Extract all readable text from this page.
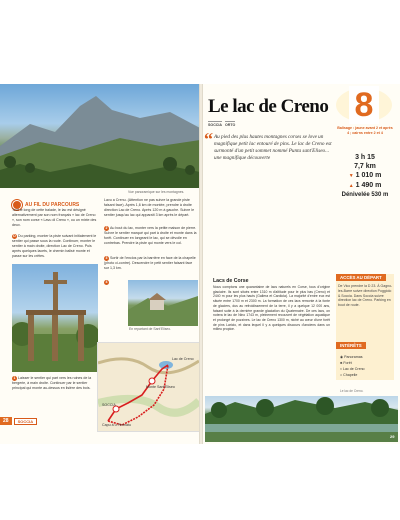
Vue panoramique sur les montagnes.
AU FIL DU PARCOURS
Tout le long de cette balade, le lac est désigné alternativement par son nom français « lac de Creno », son nom corse « Lavu di Crenu », ou un mixte des deux.
D Du parking, monter la piste suivant initialement le sentier qui passe sous la route. Continuer, monter le sentier à main droite, direction Lac de Creno. Puis après quelques lacets, le chemin balisé monte et passe sur les crêtes.
1 Laisser le sentier qui part vers les ruines de la bergerie, à main droite. Continuer par le sentier principal qui monte au-dessus en lisière des bois.
Lavu a Crenu. (Attention ne pas suivre la grande piste faisant face). Après 1,6 km de montée, prendre à droite direction Lac de Creno. Après 120 m à gauche. Suivre le sentier jusqu'au lac qui apparaît 3 km après le départ.
2 Au bout du lac, monter vers la petite maison de pierre. Suivre le sentier marqué qui part à droite et monte dans la forêt. Continuer en longeant le lac, qui se dévoile en contrebas. Prendre la piste qui monte vers le col.
3 Sortir de l'enclos par la barrière en face de la chapelle (photo ci-contre). Descendre le petit sentier faisant face sur 1,3 km.
En repartant de Sant'Eliseo.
4
Lac de Creno
Monte Sant'Eliseo
SOCCIA
Capu à u Pennatu
28	SOCCIA
Le lac de Creno
SOCCIA ORTO
“ Au pied des plus hautes montagnes corses se love un magnifique petit lac entouré de pins. Le lac de Creno est surmonté d'un petit sommet nommé Punta sant'Eliseo... une magnifique découverte
8
Balisage : jaune avant 2 et après 4 ; cairns entre 2 et 4
3 h 15
7,7 km
▼ 1 010 m
▲ 1 490 m
Dénivelée 530 m
Lacs de Corse
Nous comptons une quarantaine de lacs naturels en Corse, tous d'origine glaciaire. Ils sont situés entre 1310 m d'altitude pour le plus bas (Creno) et 2440 m pour les plus hauts (Gallera et Cardiola). La majorité d'entre eux est située entre 1700 m et 2300 m. La formation de ces lacs remonte à la fonte de glaciers, dus au refroidissement de la terre, il y a quelque 12 000 ans, faisant suite à la dernière grande glaciation du Quaternaire. De ces lacs, on notera le lac de Nino 1743 m, pleinement recouvert de végétation aquatique et prolongé de pozzines. Le lac de Creno 1300 m, niché au cœur d'une forêt de pins Laricio, et dans lequel il y a quelques discours d'anciens dans un milieu propice.
ACCÈS AU DÉPART
De Vico prendre la D 23. À Gagno-les-Barre suivre direction Poggiolo & Soccia. Dans Soccia suivre direction lac de Creno. Parking en bout de route.
INTÉRÊTS
◉ Panoramas
♣ Forêt
≈ Lac de Creno
⌂ Chapelle
Le lac de Creno.
29
